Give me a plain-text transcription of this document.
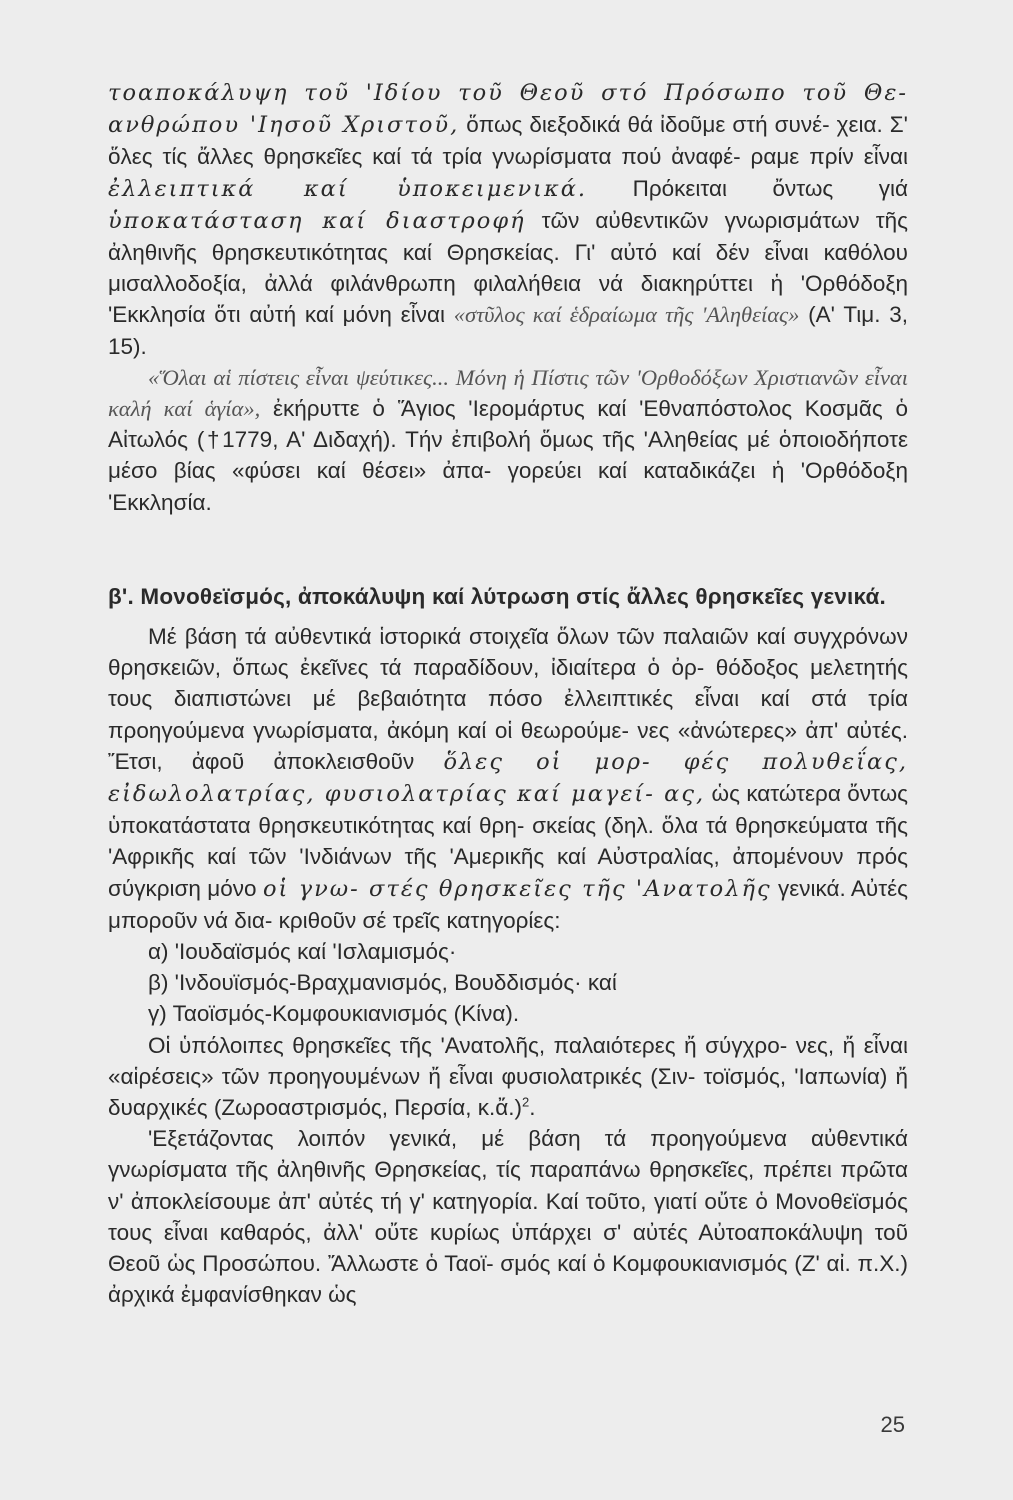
τοαποκάλυψη τοῦ 'Ιδίου τοῦ Θεοῦ στό Πρόσωπο τοῦ Θε- ανθρώπου 'Ιησοῦ Χριστοῦ, ὅπως διεξοδικά θά ἰδοῦμε στή συνέ- χεια. Σ' ὅλες τίς ἄλλες θρησκεῖες καί τά τρία γνωρίσματα πού ἀναφέ- ραμε πρίν εἶναι ἐλλειπτικά καί ὑποκειμενικά. Πρόκειται ὄντως γιά ὑποκατάσταση καί διαστροφή τῶν αὐθεντικῶν γνωρισμάτων τῆς ἀληθινῆς θρησκευτικότητας καί Θρησκείας. Γι' αὐτό καί δέν εἶναι καθόλου μισαλλοδοξία, ἀλλά φιλάνθρωπη φιλαλήθεια νά διακηρύττει ἡ 'Ορθόδοξη 'Εκκλησία ὅτι αὐτή καί μόνη εἶναι «στῦλος καί ἑδραίωμα τῆς 'Αληθείας» (Α' Τιμ. 3, 15).

«Ὅλαι αἱ πίστεις εἶναι ψεύτικες... Μόνη ἡ Πίστις τῶν 'Ορθοδόξων Χριστιανῶν εἶναι καλή καί ἁγία», ἐκήρυττε ὁ Ἅγιος 'Ιερομάρτυς καί 'Εθναπόστολος Κοσμᾶς ὁ Αἰτωλός (†1779, Α' Διδαχή). Τήν ἐπιβολή ὅμως τῆς 'Αληθείας μέ ὁποιοδήποτε μέσο βίας «φύσει καί θέσει» ἀπα- γορεύει καί καταδικάζει ἡ 'Ορθόδοξη 'Εκκλησία.

β'. Μονοθεϊσμός, ἀποκάλυψη καί λύτρωση στίς ἄλλες θρησκεῖες γενικά.

Μέ βάση τά αὐθεντικά ἱστορικά στοιχεῖα ὅλων τῶν παλαιῶν καί συγχρόνων θρησκειῶν, ὅπως ἐκεῖνες τά παραδίδουν, ἰδιαίτερα ὁ ὀρ- θόδοξος μελετητής τους διαπιστώνει μέ βεβαιότητα πόσο ἐλλειπτικές εἶναι καί στά τρία προηγούμενα γνωρίσματα, ἀκόμη καί οἱ θεωρούμε- νες «ἀνώτερες» ἀπ' αὐτές. Ἔτσι, ἀφοῦ ἀποκλεισθοῦν ὅλες οἱ μορ- φές πολυθεΐας, εἰδωλολατρίας, φυσιολατρίας καί μαγεί- ας, ὡς κατώτερα ὄντως ὑποκατάστατα θρησκευτικότητας καί θρη- σκείας (δηλ. ὅλα τά θρησκεύματα τῆς 'Αφρικῆς καί τῶν 'Ινδιάνων τῆς 'Αμερικῆς καί Αὐστραλίας, ἀπομένουν πρός σύγκριση μόνο οἱ γνω- στές θρησκεῖες τῆς 'Ανατολῆς γενικά. Αὐτές μποροῦν νά δια- κριθοῦν σέ τρεῖς κατηγορίες:

α) 'Ιουδαϊσμός καί 'Ισλαμισμός·

β) 'Ινδουϊσμός-Βραχμανισμός, Βουδδισμός· καί

γ) Ταοϊσμός-Κομφουκιανισμός (Κίνα).

Οἱ ὑπόλοιπες θρησκεῖες τῆς 'Ανατολῆς, παλαιότερες ἤ σύγχρο- νες, ἤ εἶναι «αἱρέσεις» τῶν προηγουμένων ἤ εἶναι φυσιολατρικές (Σιν- τοϊσμός, 'Ιαπωνία) ἤ δυαρχικές (Ζωροαστρισμός, Περσία, κ.ἄ.)$^2$.

'Εξετάζοντας λοιπόν γενικά, μέ βάση τά προηγούμενα αὐθεντικά γνωρίσματα τῆς ἀληθινῆς Θρησκείας, τίς παραπάνω θρησκεῖες, πρέπει πρῶτα ν' ἀποκλείσουμε ἀπ' αὐτές τή γ' κατηγορία. Καί τοῦτο, γιατί οὔτε ὁ Μονοθεϊσμός τους εἶναι καθαρός, ἀλλ' οὔτε κυρίως ὑπάρχει σ' αὐτές Αὐτοαποκάλυψη τοῦ Θεοῦ ὡς Προσώπου. Ἄλλωστε ὁ Ταοϊ- σμός καί ὁ Κομφουκιανισμός (Ζ' αἰ. π.Χ.) ἀρχικά ἐμφανίσθηκαν ὡς

25
